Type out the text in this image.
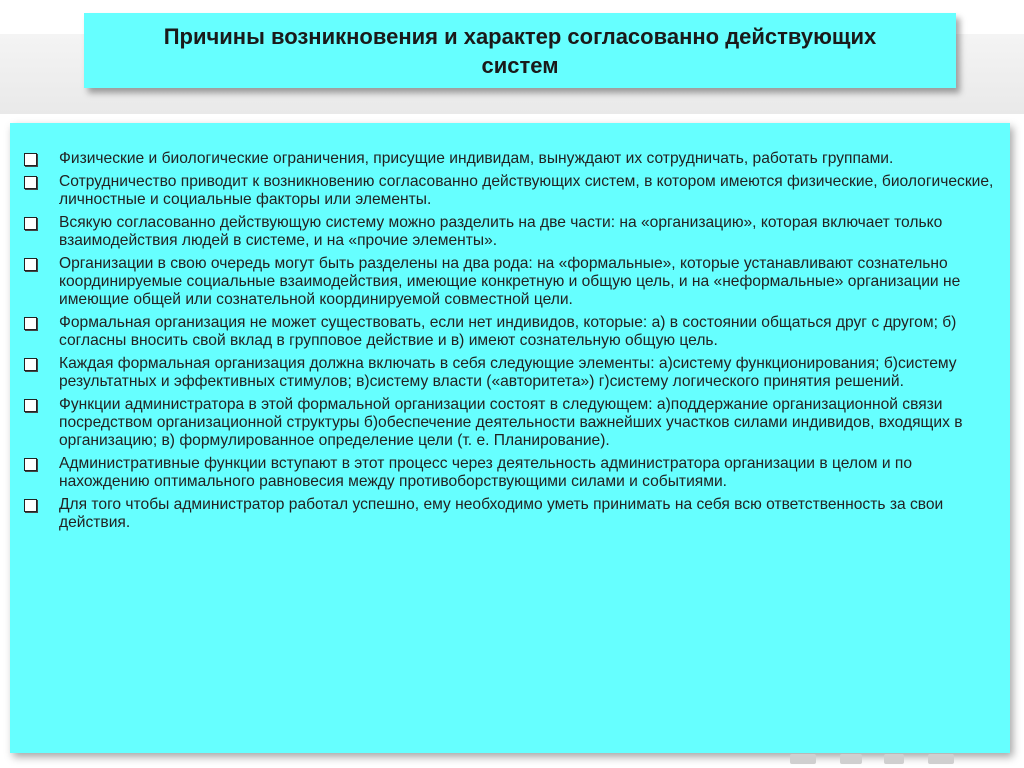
Причины возникновения и характер согласованно действующих систем
Физические и биологические ограничения, присущие индивидам, вынуждают их сотрудничать, работать группами.
Сотрудничество приводит к возникновению согласованно действующих систем, в котором имеются физические, биологические, личностные и социальные факторы или элементы.
Всякую согласованно действующую систему можно разделить на две части: на «организацию», которая включает только взаимодействия людей в системе, и на «прочие элементы».
Организации в свою очередь могут быть разделены на два рода: на «формальные», которые устанавливают сознательно координируемые социальные взаимодействия, имеющие конкретную и общую цель, и на «неформальные» организации не имеющие общей или сознательной координируемой совместной цели.
Формальная организация не может существовать, если нет индивидов, которые: а) в состоянии общаться друг с другом; б) согласны вносить свой вклад в групповое действие и в) имеют сознательную общую цель.
Каждая формальная организация должна включать в себя следующие элементы: а)систему функционирования; б)систему результатных и эффективных стимулов; в)систему власти («авторитета») г)систему логического принятия решений.
Функции администратора в этой формальной организации состоят в следующем: а)поддержание организационной связи посредством организационной структуры б)обеспечение деятельности важнейших участков силами индивидов, входящих в организацию; в) формулированное определение цели (т. е. Планирование).
Административные функции вступают в этот процесс через деятельность администратора организации в целом и по нахождению оптимального равновесия между противоборствующими силами и событиями.
Для того чтобы администратор работал успешно, ему необходимо уметь принимать на себя всю ответственность за свои действия.
